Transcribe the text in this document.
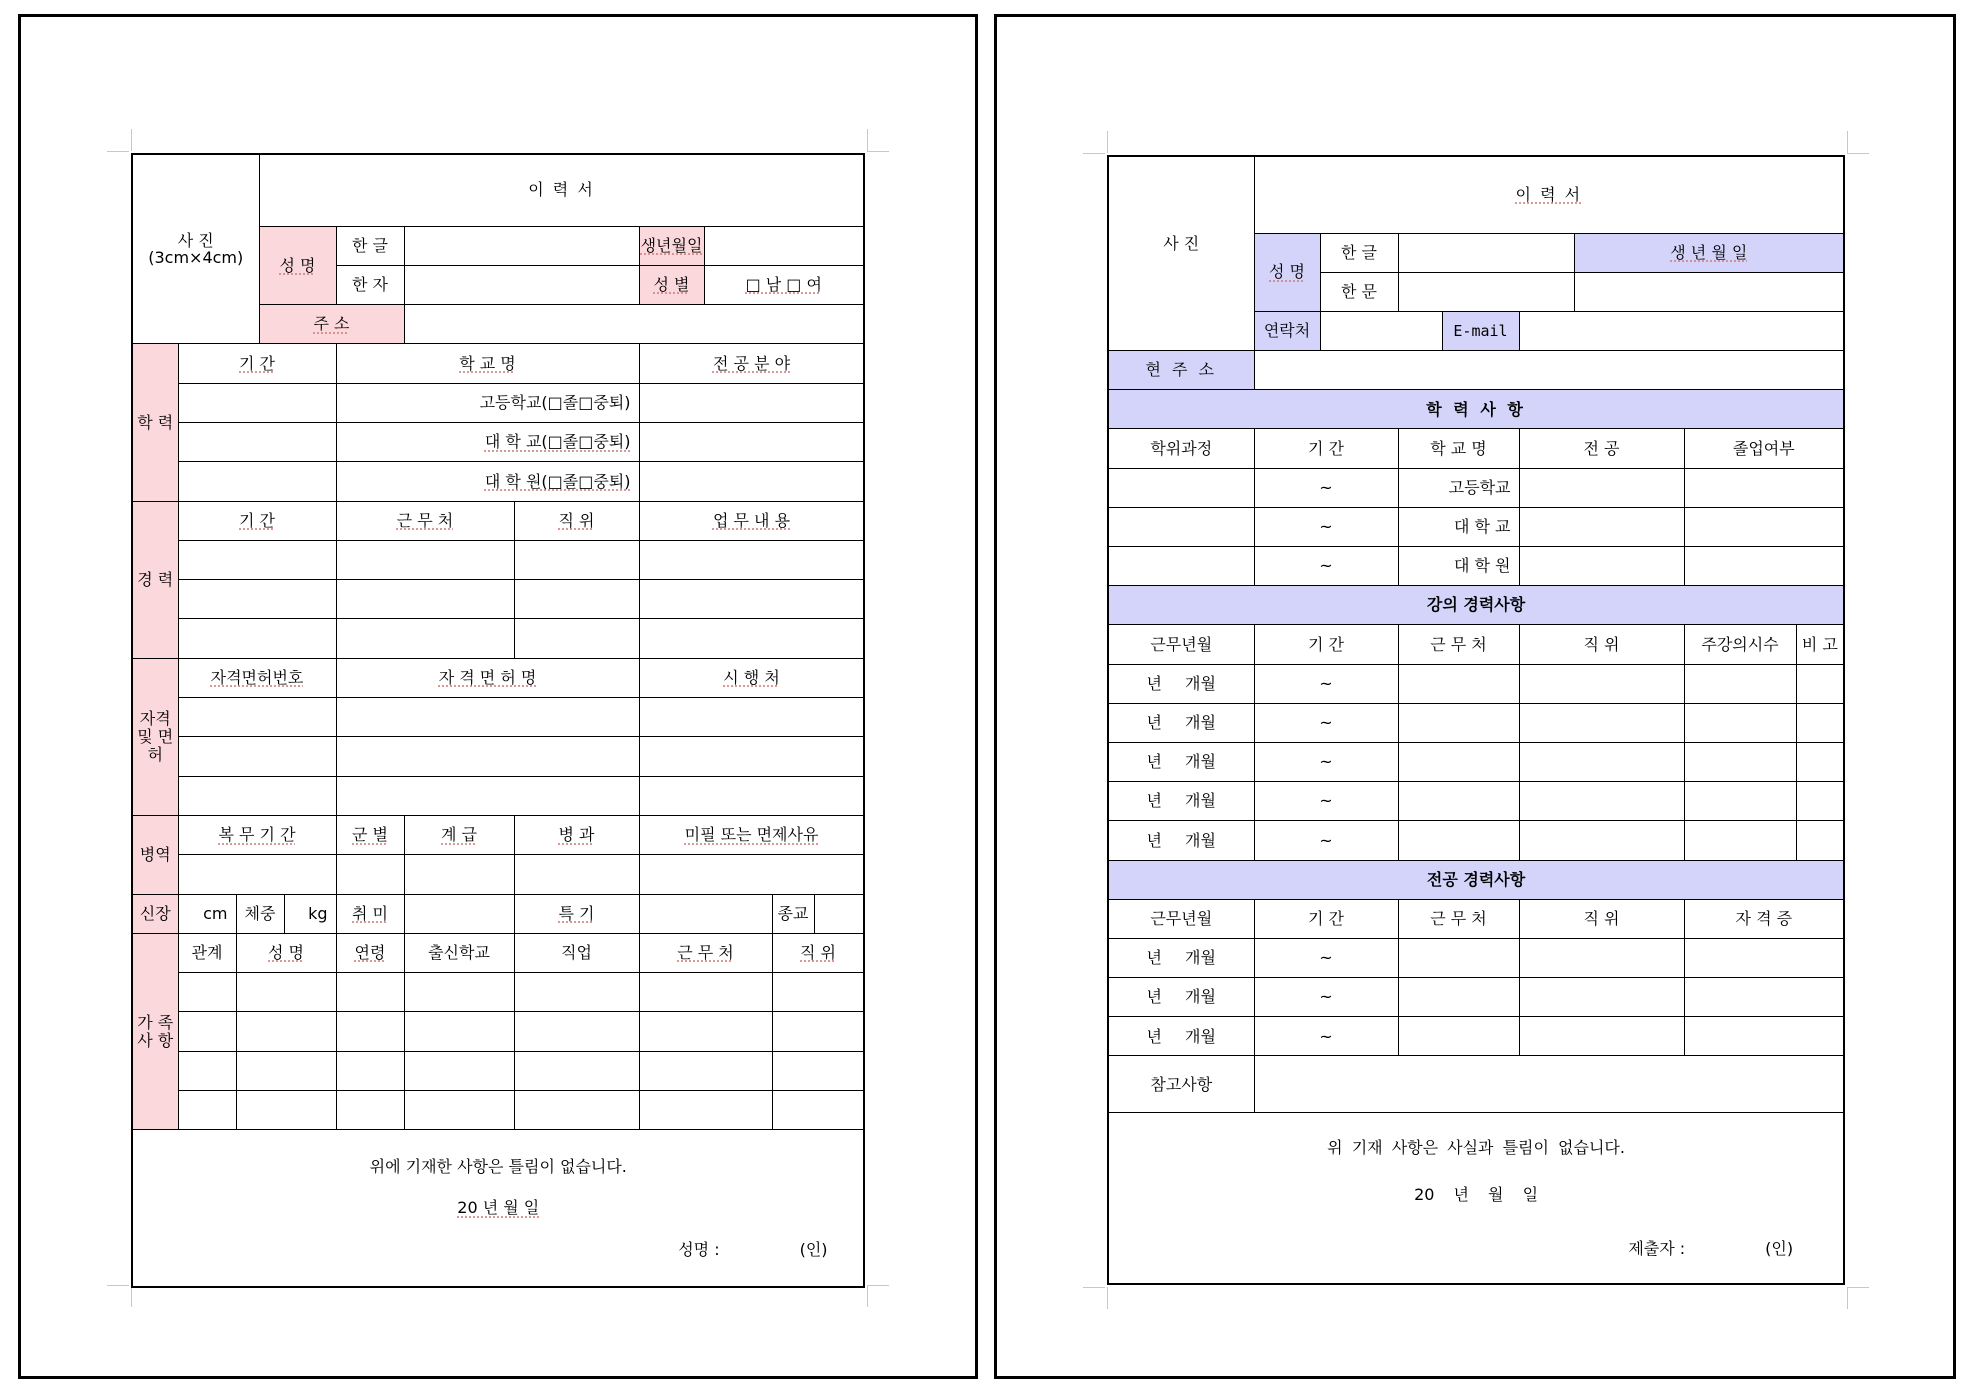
사 진
(3cm×4cm)			이 력 서								
			성 명		한 글			생년월일			
					한 자			성 별	□ 남 □ 여		
			주 소								
학 력	기 간				학 교 명			전 공 분 야			
					고등학교(□졸□중퇴)						
					대 학 교(□졸□중퇴)						
					대 학 원(□졸□중퇴)						
경 력	기 간				근 무 처		직 위	업 무 내 용			

자격 및 면허	자격면허번호				자 격 면 허 명			시 행 처			

병역	복 무 기 간				군 별	계 급	병 과	미필 또는 면제사유			

신장	cm	체중		kg	취 미		특 기			종교	
가 족 사 항	관계	성 명			연령	출신학교	직업	근 무 처		직 위	

위에 기재한 사항은 틀림이 없습니다.
20 년 월 일
성명 : (인)											
사 진	이 력 서							
	성 명	한 글				생 년 월 일		
		한 문						
	연락처			E-mail				
현 주 소								
학 력 사 항								
학위과정	기 간		학 교 명		전 공		졸업여부	
	~		고등학교					
	~		대 학 교					
	~		대 학 원					
강의 경력사항								
근무년월	기 간		근 무 처		직 위		주강의시수	비 고
년 개월	~							
년 개월	~							
년 개월	~							
년 개월	~							
년 개월	~							
전공 경력사항								
근무년월	기 간		근 무 처		직 위		자 격 증	
년 개월	~							
년 개월	~							
년 개월	~							
참고사항								

위 기재 사항은 사실과 틀림이 없습니다.
20 년 월 일
제출자 : (인)								
